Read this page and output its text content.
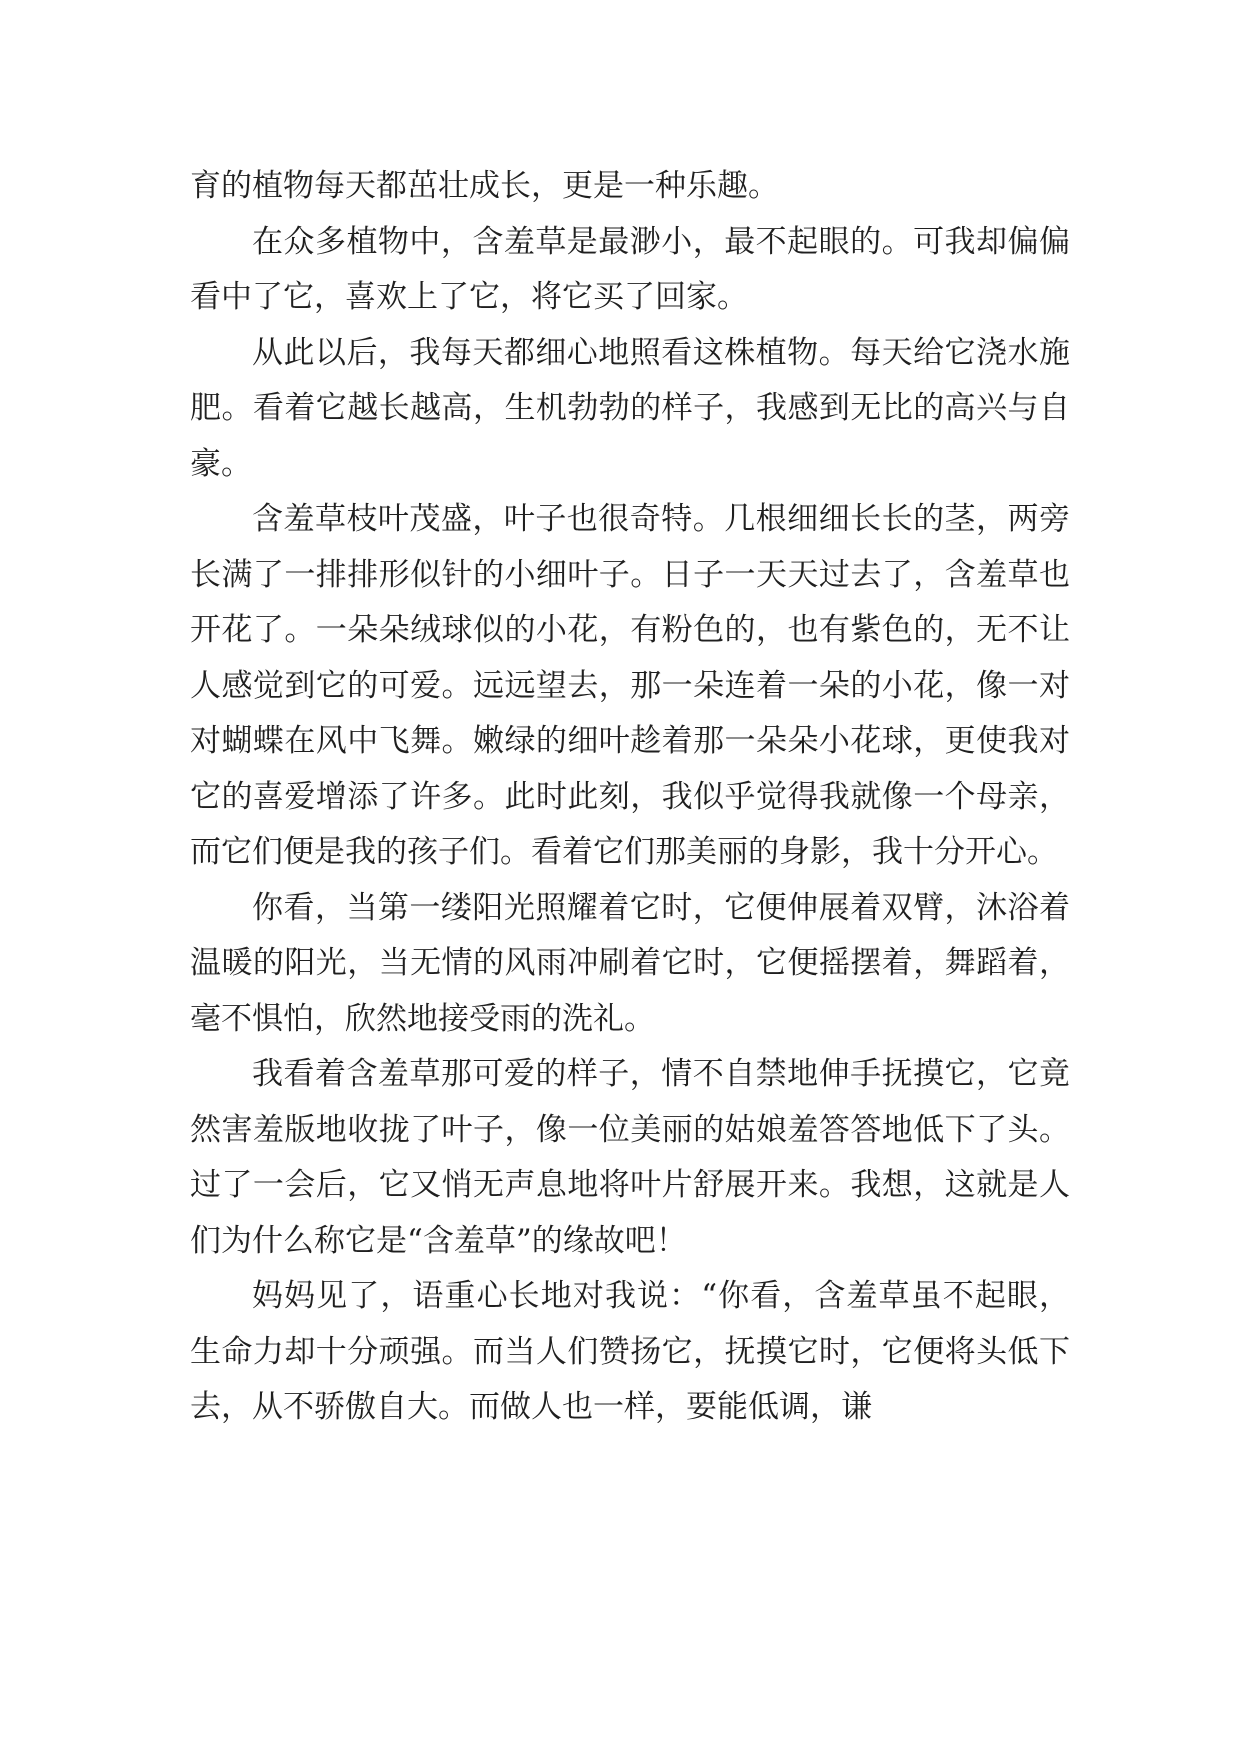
育的植物每天都茁壮成长，更是一种乐趣。

在众多植物中，含羞草是最渺小，最不起眼的。可我却偏偏看中了它，喜欢上了它，将它买了回家。

从此以后，我每天都细心地照看这株植物。每天给它浇水施肥。看着它越长越高，生机勃勃的样子，我感到无比的高兴与自豪。

含羞草枝叶茂盛，叶子也很奇特。几根细细长长的茎，两旁长满了一排排形似针的小细叶子。日子一天天过去了，含羞草也开花了。一朵朵绒球似的小花，有粉色的，也有紫色的，无不让人感觉到它的可爱。远远望去，那一朵连着一朵的小花，像一对对蝴蝶在风中飞舞。嫩绿的细叶趁着那一朵朵小花球，更使我对它的喜爱增添了许多。此时此刻，我似乎觉得我就像一个母亲，而它们便是我的孩子们。看着它们那美丽的身影，我十分开心。

你看，当第一缕阳光照耀着它时，它便伸展着双臂，沐浴着温暖的阳光，当无情的风雨冲刷着它时，它便摇摆着，舞蹈着，毫不惧怕，欣然地接受雨的洗礼。

我看着含羞草那可爱的样子，情不自禁地伸手抚摸它，它竟然害羞版地收拢了叶子，像一位美丽的姑娘羞答答地低下了头。过了一会后，它又悄无声息地将叶片舒展开来。我想，这就是人们为什么称它是“含羞草”的缘故吧！

妈妈见了，语重心长地对我说：“你看，含羞草虽不起眼，生命力却十分顽强。而当人们赞扬它，抚摸它时，它便将头低下去，从不骄傲自大。而做人也一样，要能低调，谦
